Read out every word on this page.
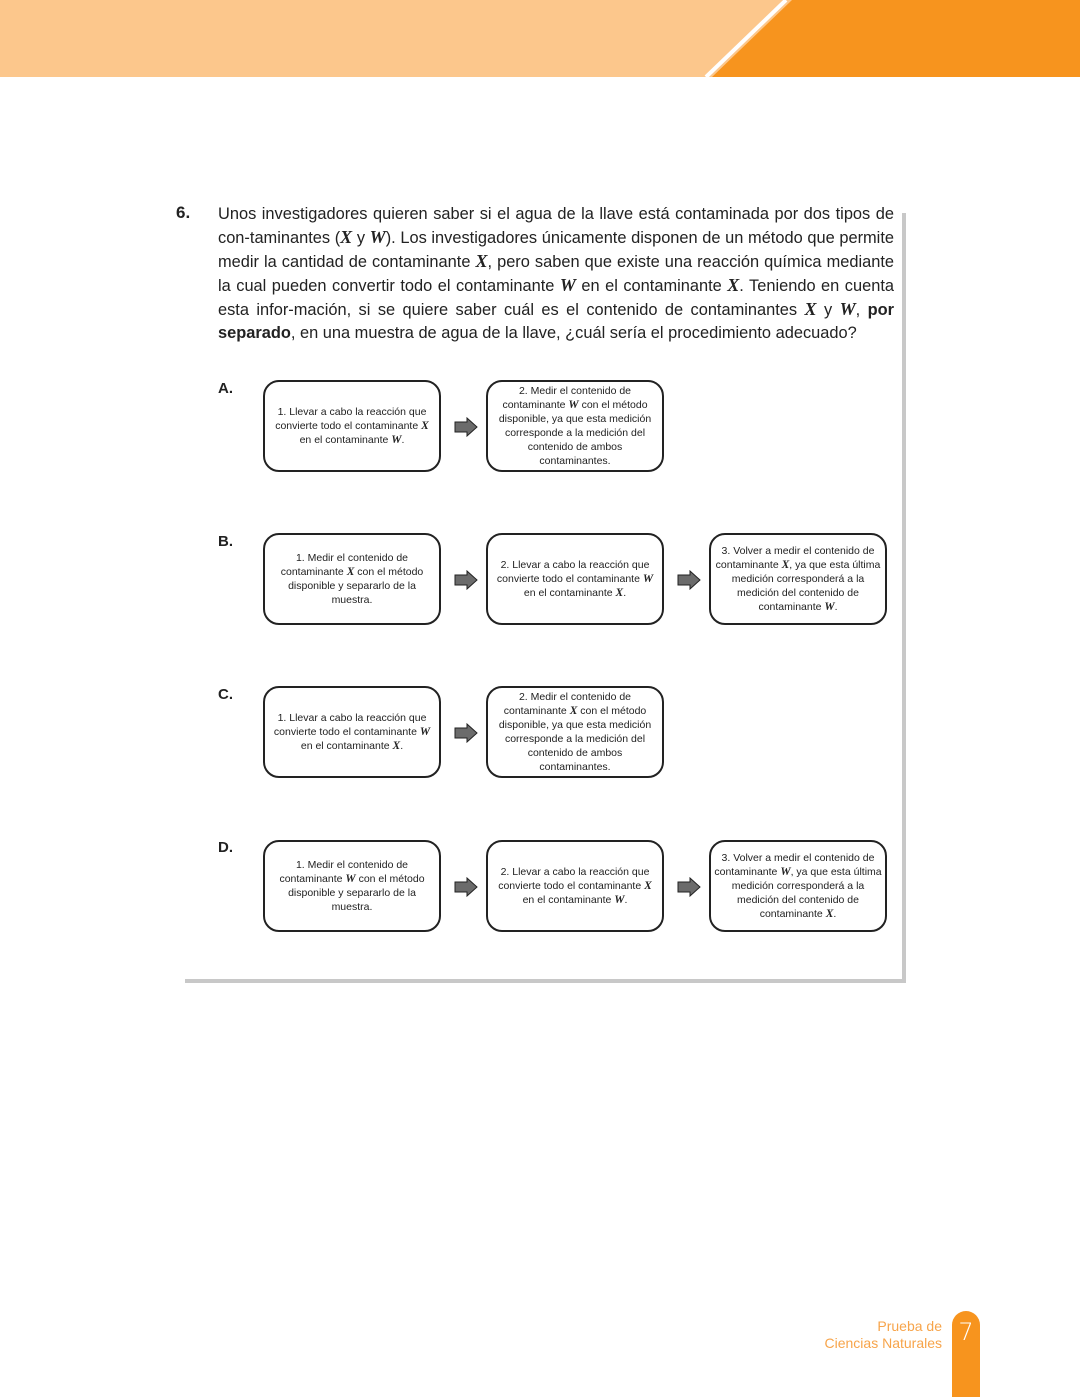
6. Unos investigadores quieren saber si el agua de la llave está contaminada por dos tipos de con-taminantes (X y W). Los investigadores únicamente disponen de un método que permite medir la cantidad de contaminante X, pero saben que existe una reacción química mediante la cual pueden convertir todo el contaminante W en el contaminante X. Teniendo en cuenta esta infor-mación, si se quiere saber cuál es el contenido de contaminantes X y W, por separado, en una muestra de agua de la llave, ¿cuál sería el procedimiento adecuado?
A.
1. Llevar a cabo la reacción que convierte todo el contaminante X en el contaminante W.
2. Medir el contenido de contaminante W con el método disponible, ya que esta medición corresponde a la medición del contenido de ambos contaminantes.
B.
1. Medir el contenido de contaminante X con el método disponible y separarlo de la muestra.
2. Llevar a cabo la reacción que convierte todo el contaminante W en el contaminante X.
3. Volver a medir el contenido de contaminante X, ya que esta última medición corresponderá a la medición del contenido de contaminante W.
C.
1. Llevar a cabo la reacción que convierte todo el contaminante W en el contaminante X.
2. Medir el contenido de contaminante X con el método disponible, ya que esta medición corresponde a la medición del contenido de ambos contaminantes.
D.
1. Medir el contenido de contaminante W con el método disponible y separarlo de la muestra.
2. Llevar a cabo la reacción que convierte todo el contaminante X en el contaminante W.
3. Volver a medir el contenido de contaminante W, ya que esta última medición corresponderá a la medición del contenido de contaminante X.
Prueba de
Ciencias Naturales 7
